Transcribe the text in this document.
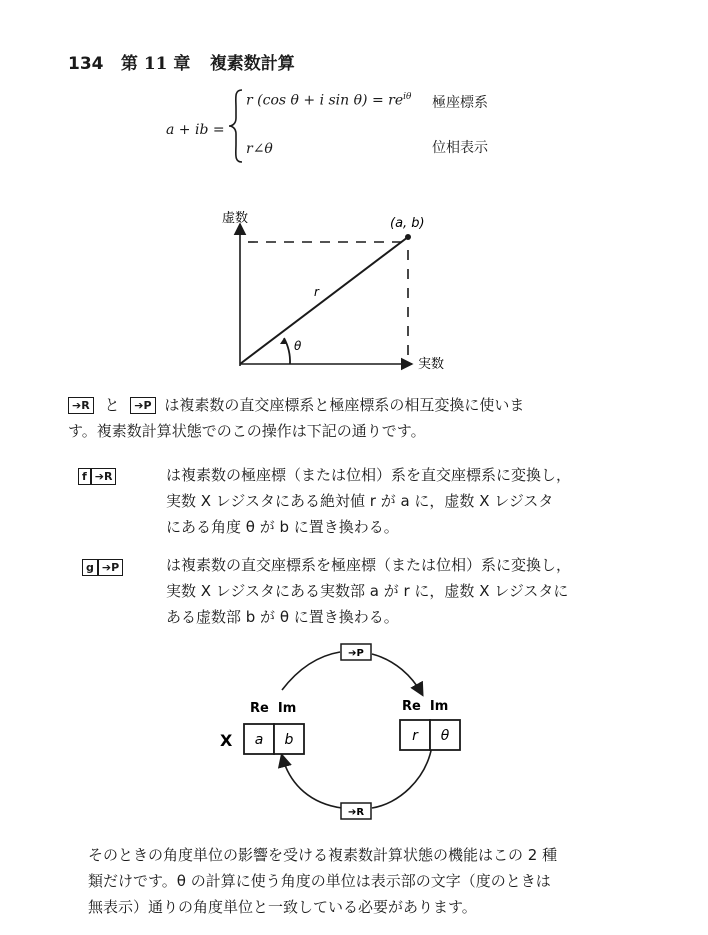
134 第 11 章 複素数計算
a + ib =
r (cos θ + i $\sin \theta) = re^{i\theta}$ 極座標系
r∠θ	位相表示
虚数
実数
(a, b)
r
θ
➔R と ➔P は複素数の直交座標系と極座標系の相互変換に使いま
す。複素数計算状態でのこの操作は下記の通りです。
f ➔R	は複素数の極座標（または位相）系を直交座標系に変換し，
実数 X レジスタにある絶対値 r が a に，虚数 X レジスタ
にある角度 θ が b に置き換わる。
g ➔P	は複素数の直交座標系を極座標（または位相）系に変換し，
実数 X レジスタにある実数部 a が r に，虚数 X レジスタに
ある虚数部 b が θ に置き換わる。
➔P
➔R
Re  Im	Re  Im
X a b	r θ
そのときの角度単位の影響を受ける複素数計算状態の機能はこの 2 種
類だけです。θ の計算に使う角度の単位は表示部の文字（度のときは
無表示）通りの角度単位と一致している必要があります。
